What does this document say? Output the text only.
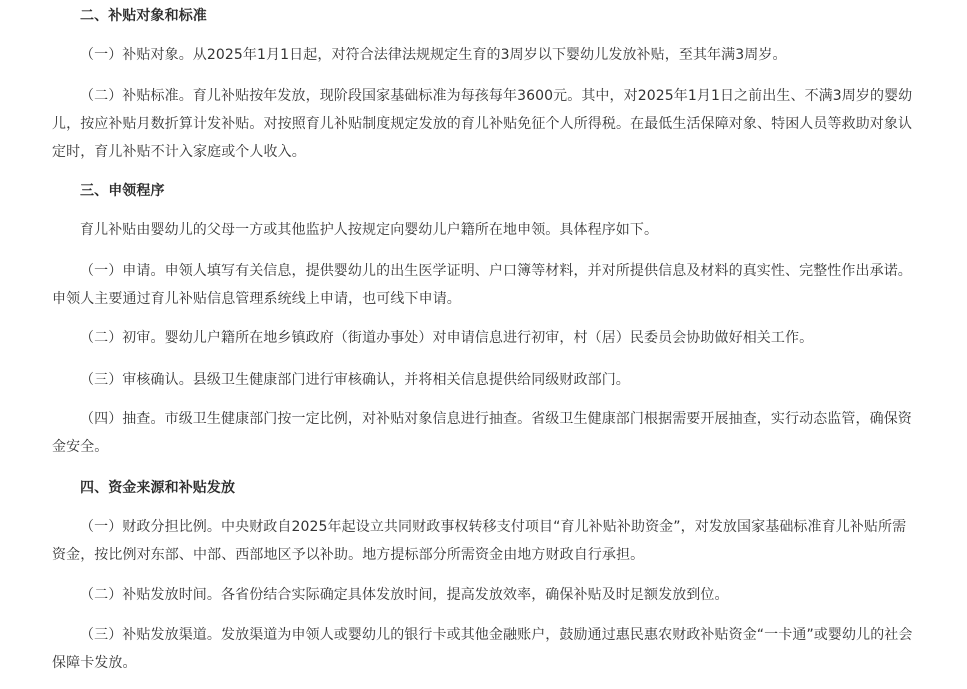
二、补贴对象和标准

（一）补贴对象。从2025年1月1日起，对符合法律法规规定生育的3周岁以下婴幼儿发放补贴，至其年满3周岁。

（二）补贴标准。育儿补贴按年发放，现阶段国家基础标准为每孩每年3600元。其中，对2025年1月1日之前出生、不满3周岁的婴幼儿，按应补贴月数折算计发补贴。对按照育儿补贴制度规定发放的育儿补贴免征个人所得税。在最低生活保障对象、特困人员等救助对象认定时，育儿补贴不计入家庭或个人收入。

三、申领程序

育儿补贴由婴幼儿的父母一方或其他监护人按规定向婴幼儿户籍所在地申领。具体程序如下。

（一）申请。申领人填写有关信息，提供婴幼儿的出生医学证明、户口簿等材料，并对所提供信息及材料的真实性、完整性作出承诺。申领人主要通过育儿补贴信息管理系统线上申请，也可线下申请。

（二）初审。婴幼儿户籍所在地乡镇政府（街道办事处）对申请信息进行初审，村（居）民委员会协助做好相关工作。

（三）审核确认。县级卫生健康部门进行审核确认，并将相关信息提供给同级财政部门。

（四）抽查。市级卫生健康部门按一定比例，对补贴对象信息进行抽查。省级卫生健康部门根据需要开展抽查，实行动态监管，确保资金安全。

四、资金来源和补贴发放

（一）财政分担比例。中央财政自2025年起设立共同财政事权转移支付项目“育儿补贴补助资金”，对发放国家基础标准育儿补贴所需资金，按比例对东部、中部、西部地区予以补助。地方提标部分所需资金由地方财政自行承担。

（二）补贴发放时间。各省份结合实际确定具体发放时间，提高发放效率，确保补贴及时足额发放到位。

（三）补贴发放渠道。发放渠道为申领人或婴幼儿的银行卡或其他金融账户，鼓励通过惠民惠农财政补贴资金“一卡通”或婴幼儿的社会保障卡发放。
